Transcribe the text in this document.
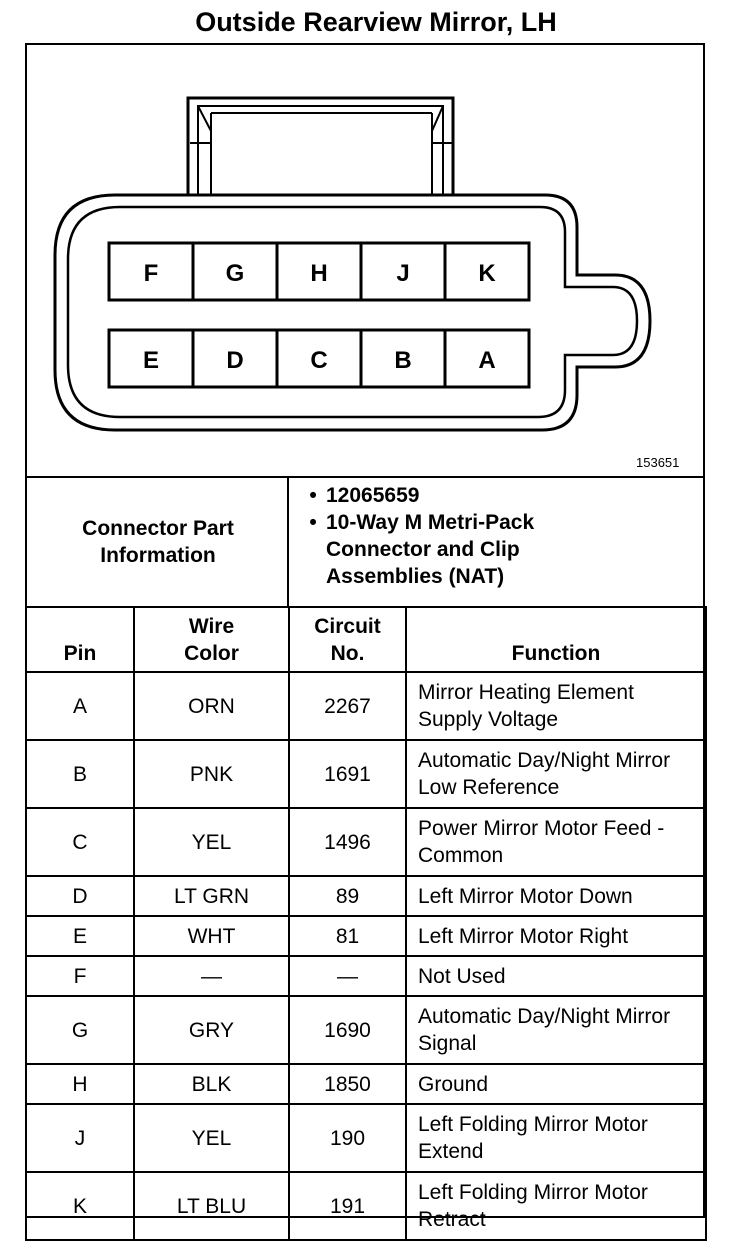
Outside Rearview Mirror, LH
F	G	H	J	K
E	D	C	B	A
153651
Connector Part Information
• 12065659
• 10-Way M Metri-Pack Connector and Clip Assemblies (NAT)
Pin	Wire Color	Circuit No.	Function
A	ORN	2267	Mirror Heating Element Supply Voltage
B	PNK	1691	Automatic Day/Night Mirror Low Reference
C	YEL	1496	Power Mirror Motor Feed - Common
D	LT GRN	89	Left Mirror Motor Down
E	WHT	81	Left Mirror Motor Right
F	—	—	Not Used
G	GRY	1690	Automatic Day/Night Mirror Signal
H	BLK	1850	Ground
J	YEL	190	Left Folding Mirror Motor Extend
K	LT BLU	191	Left Folding Mirror Motor Retract
